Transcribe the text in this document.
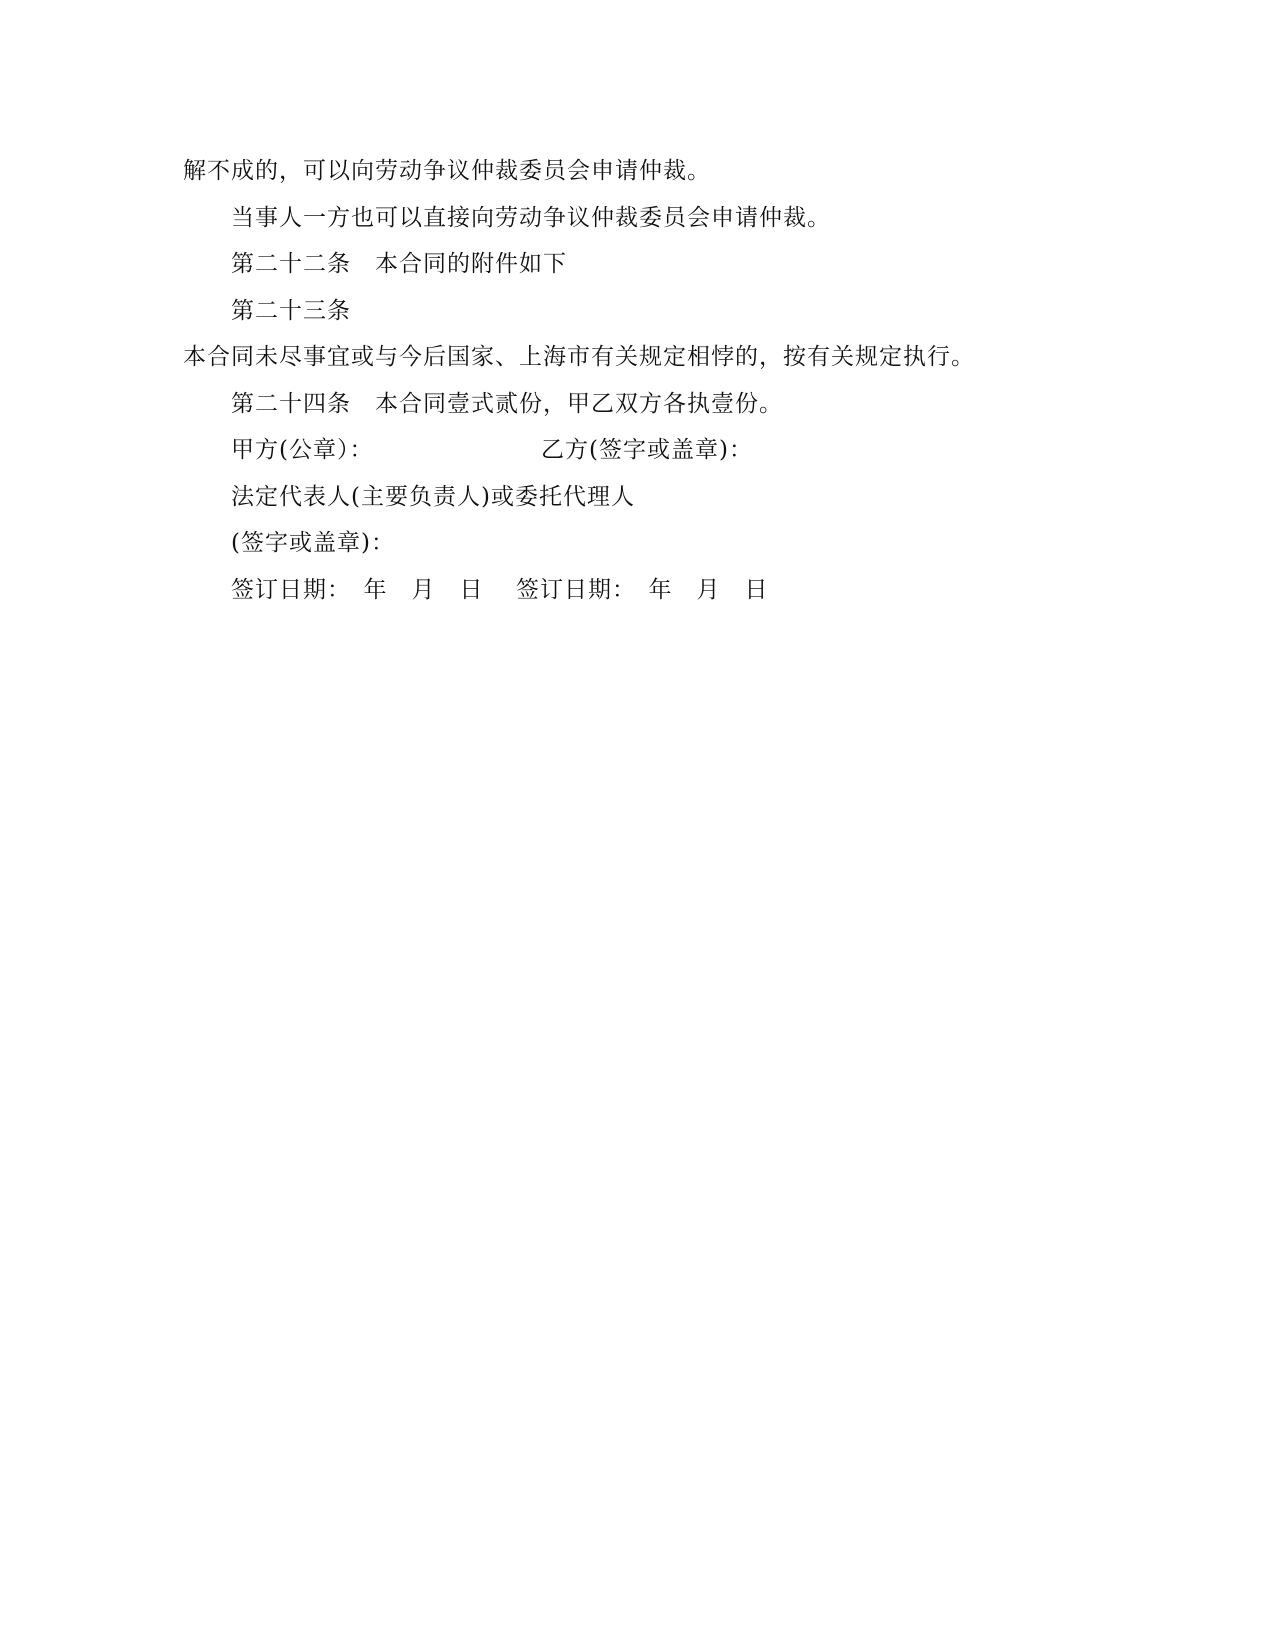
解不成的，可以向劳动争议仲裁委员会申请仲裁。
当事人一方也可以直接向劳动争议仲裁委员会申请仲裁。
第二十二条　本合同的附件如下
第二十三条
本合同未尽事宜或与今后国家、上海市有关规定相悖的，按有关规定执行。
第二十四条　本合同壹式贰份，甲乙双方各执壹份。
甲方(公章）：	乙方(签字或盖章)：
法定代表人(主要负责人)或委托代理人
(签字或盖章)：
签订日期：　年　月　日 签订日期：　年　月　日
